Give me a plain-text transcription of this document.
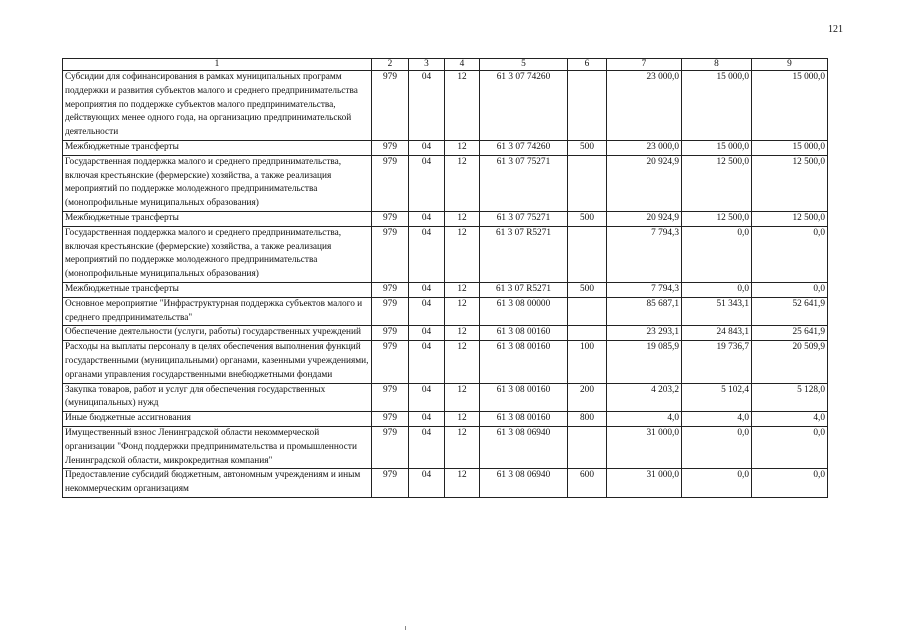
121
1	2	3	4	5	6	7	8	9
Субсидии для софинансирования в рамках муниципальных программ поддержки и развития субъектов малого и среднего предпринимательства мероприятия по поддержке субъектов малого предпринимательства, действующих менее одного года, на организацию предпринимательской деятельности	979	04	12	61 3 07 74260		23 000,0	15 000,0	15 000,0
Межбюджетные трансферты	979	04	12	61 3 07 74260	500	23 000,0	15 000,0	15 000,0
Государственная поддержка малого и среднего предпринимательства, включая крестьянские (фермерские) хозяйства, а также реализация мероприятий по поддержке молодежного предпринимательства (монопрофильные муниципальных образования)	979	04	12	61 3 07 75271		20 924,9	12 500,0	12 500,0
Межбюджетные трансферты	979	04	12	61 3 07 75271	500	20 924,9	12 500,0	12 500,0
Государственная поддержка малого и среднего предпринимательства, включая крестьянские (фермерские) хозяйства, а также реализация мероприятий по поддержке молодежного предпринимательства (монопрофильные муниципальных образования)	979	04	12	61 3 07 R5271		7 794,3	0,0	0,0
Межбюджетные трансферты	979	04	12	61 3 07 R5271	500	7 794,3	0,0	0,0
Основное мероприятие "Инфраструктурная поддержка субъектов малого и среднего предпринимательства"	979	04	12	61 3 08 00000		85 687,1	51 343,1	52 641,9
Обеспечение деятельности (услуги, работы) государственных учреждений	979	04	12	61 3 08 00160		23 293,1	24 843,1	25 641,9
Расходы на выплаты персоналу в целях обеспечения выполнения функций государственными (муниципальными) органами, казенными учреждениями, органами управления государственными внебюджетными фондами	979	04	12	61 3 08 00160	100	19 085,9	19 736,7	20 509,9
Закупка товаров, работ и услуг для обеспечения государственных (муниципальных) нужд	979	04	12	61 3 08 00160	200	4 203,2	5 102,4	5 128,0
Иные бюджетные ассигнования	979	04	12	61 3 08 00160	800	4,0	4,0	4,0
Имущественный взнос Ленинградской области некоммерческой организации "Фонд поддержки предпринимательства и промышленности Ленинградской области, микрокредитная компания"	979	04	12	61 3 08 06940		31 000,0	0,0	0,0
Предоставление субсидий бюджетным, автономным учреждениям и иным некоммерческим организациям	979	04	12	61 3 08 06940	600	31 000,0	0,0	0,0
